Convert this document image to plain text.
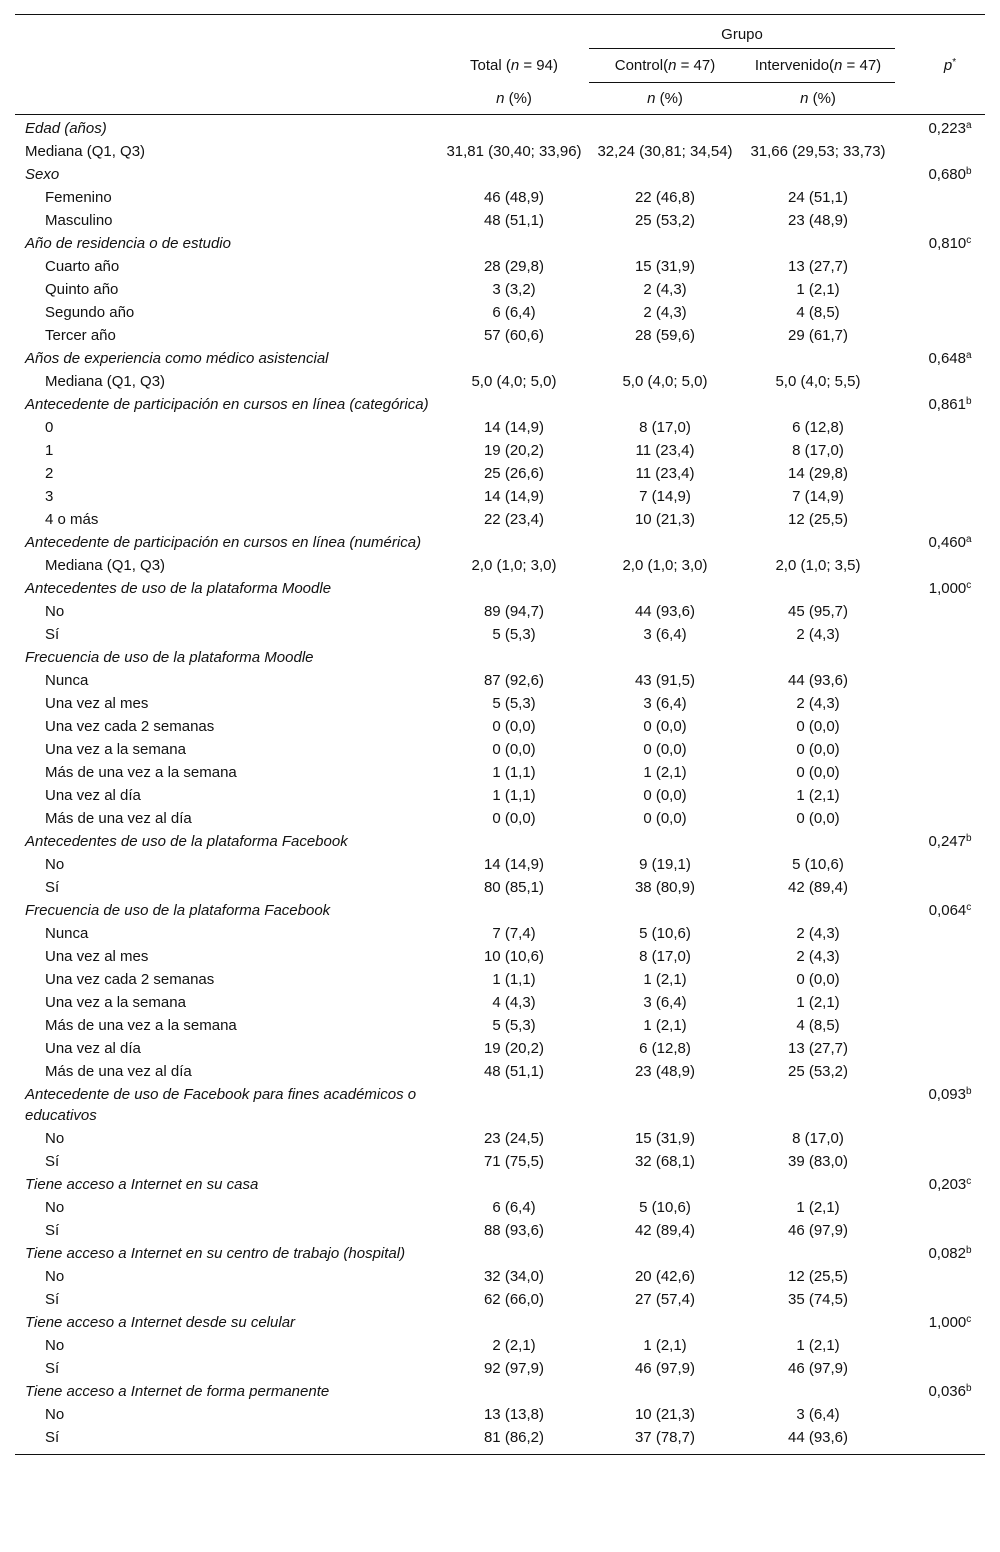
		Grupo		
	Total (n = 94)	Control(n = 47)	Intervenido(n = 47)	p*
	n (%)	n (%)	n (%)	
Edad (años)				0,223$^a$
Mediana (Q1, Q3)	31,81 (30,40; 33,96)	32,24 (30,81; 34,54)	31,66 (29,53; 33,73)	
Sexo				0,680$^b$
Femenino	46 (48,9)	22 (46,8)	24 (51,1)	
Masculino	48 (51,1)	25 (53,2)	23 (48,9)	
Año de residencia o de estudio				0,810$^c$
Cuarto año	28 (29,8)	15 (31,9)	13 (27,7)	
Quinto año	3 (3,2)	2 (4,3)	1 (2,1)	
Segundo año	6 (6,4)	2 (4,3)	4 (8,5)	
Tercer año	57 (60,6)	28 (59,6)	29 (61,7)	
Años de experiencia como médico asistencial				0,648$^a$
Mediana (Q1, Q3)	5,0 (4,0; 5,0)	5,0 (4,0; 5,0)	5,0 (4,0; 5,5)	
Antecedente de participación en cursos en línea (categórica)				0,861$^b$
0	14 (14,9)	8 (17,0)	6 (12,8)	
1	19 (20,2)	11 (23,4)	8 (17,0)	
2	25 (26,6)	11 (23,4)	14 (29,8)	
3	14 (14,9)	7 (14,9)	7 (14,9)	
4 o más	22 (23,4)	10 (21,3)	12 (25,5)	
Antecedente de participación en cursos en línea (numérica)				0,460$^a$
Mediana (Q1, Q3)	2,0 (1,0; 3,0)	2,0 (1,0; 3,0)	2,0 (1,0; 3,5)	
Antecedentes de uso de la plataforma Moodle				1,000$^c$
No	89 (94,7)	44 (93,6)	45 (95,7)	
Sí	5 (5,3)	3 (6,4)	2 (4,3)	
Frecuencia de uso de la plataforma Moodle				
Nunca	87 (92,6)	43 (91,5)	44 (93,6)	
Una vez al mes	5 (5,3)	3 (6,4)	2 (4,3)	
Una vez cada 2 semanas	0 (0,0)	0 (0,0)	0 (0,0)	
Una vez a la semana	0 (0,0)	0 (0,0)	0 (0,0)	
Más de una vez a la semana	1 (1,1)	1 (2,1)	0 (0,0)	
Una vez al día	1 (1,1)	0 (0,0)	1 (2,1)	
Más de una vez al día	0 (0,0)	0 (0,0)	0 (0,0)	
Antecedentes de uso de la plataforma Facebook				0,247$^b$
No	14 (14,9)	9 (19,1)	5 (10,6)	
Sí	80 (85,1)	38 (80,9)	42 (89,4)	
Frecuencia de uso de la plataforma Facebook				0,064$^c$
Nunca	7 (7,4)	5 (10,6)	2 (4,3)	
Una vez al mes	10 (10,6)	8 (17,0)	2 (4,3)	
Una vez cada 2 semanas	1 (1,1)	1 (2,1)	0 (0,0)	
Una vez a la semana	4 (4,3)	3 (6,4)	1 (2,1)	
Más de una vez a la semana	5 (5,3)	1 (2,1)	4 (8,5)	
Una vez al día	19 (20,2)	6 (12,8)	13 (27,7)	
Más de una vez al día	48 (51,1)	23 (48,9)	25 (53,2)	
Antecedente de uso de Facebook para fines académicos o educativos				0,093$^b$
No	23 (24,5)	15 (31,9)	8 (17,0)	
Sí	71 (75,5)	32 (68,1)	39 (83,0)	
Tiene acceso a Internet en su casa				0,203$^c$
No	6 (6,4)	5 (10,6)	1 (2,1)	
Sí	88 (93,6)	42 (89,4)	46 (97,9)	
Tiene acceso a Internet en su centro de trabajo (hospital)				0,082$^b$
No	32 (34,0)	20 (42,6)	12 (25,5)	
Sí	62 (66,0)	27 (57,4)	35 (74,5)	
Tiene acceso a Internet desde su celular				1,000$^c$
No	2 (2,1)	1 (2,1)	1 (2,1)	
Sí	92 (97,9)	46 (97,9)	46 (97,9)	
Tiene acceso a Internet de forma permanente				0,036$^b$
No	13 (13,8)	10 (21,3)	3 (6,4)	
Sí	81 (86,2)	37 (78,7)	44 (93,6)	
